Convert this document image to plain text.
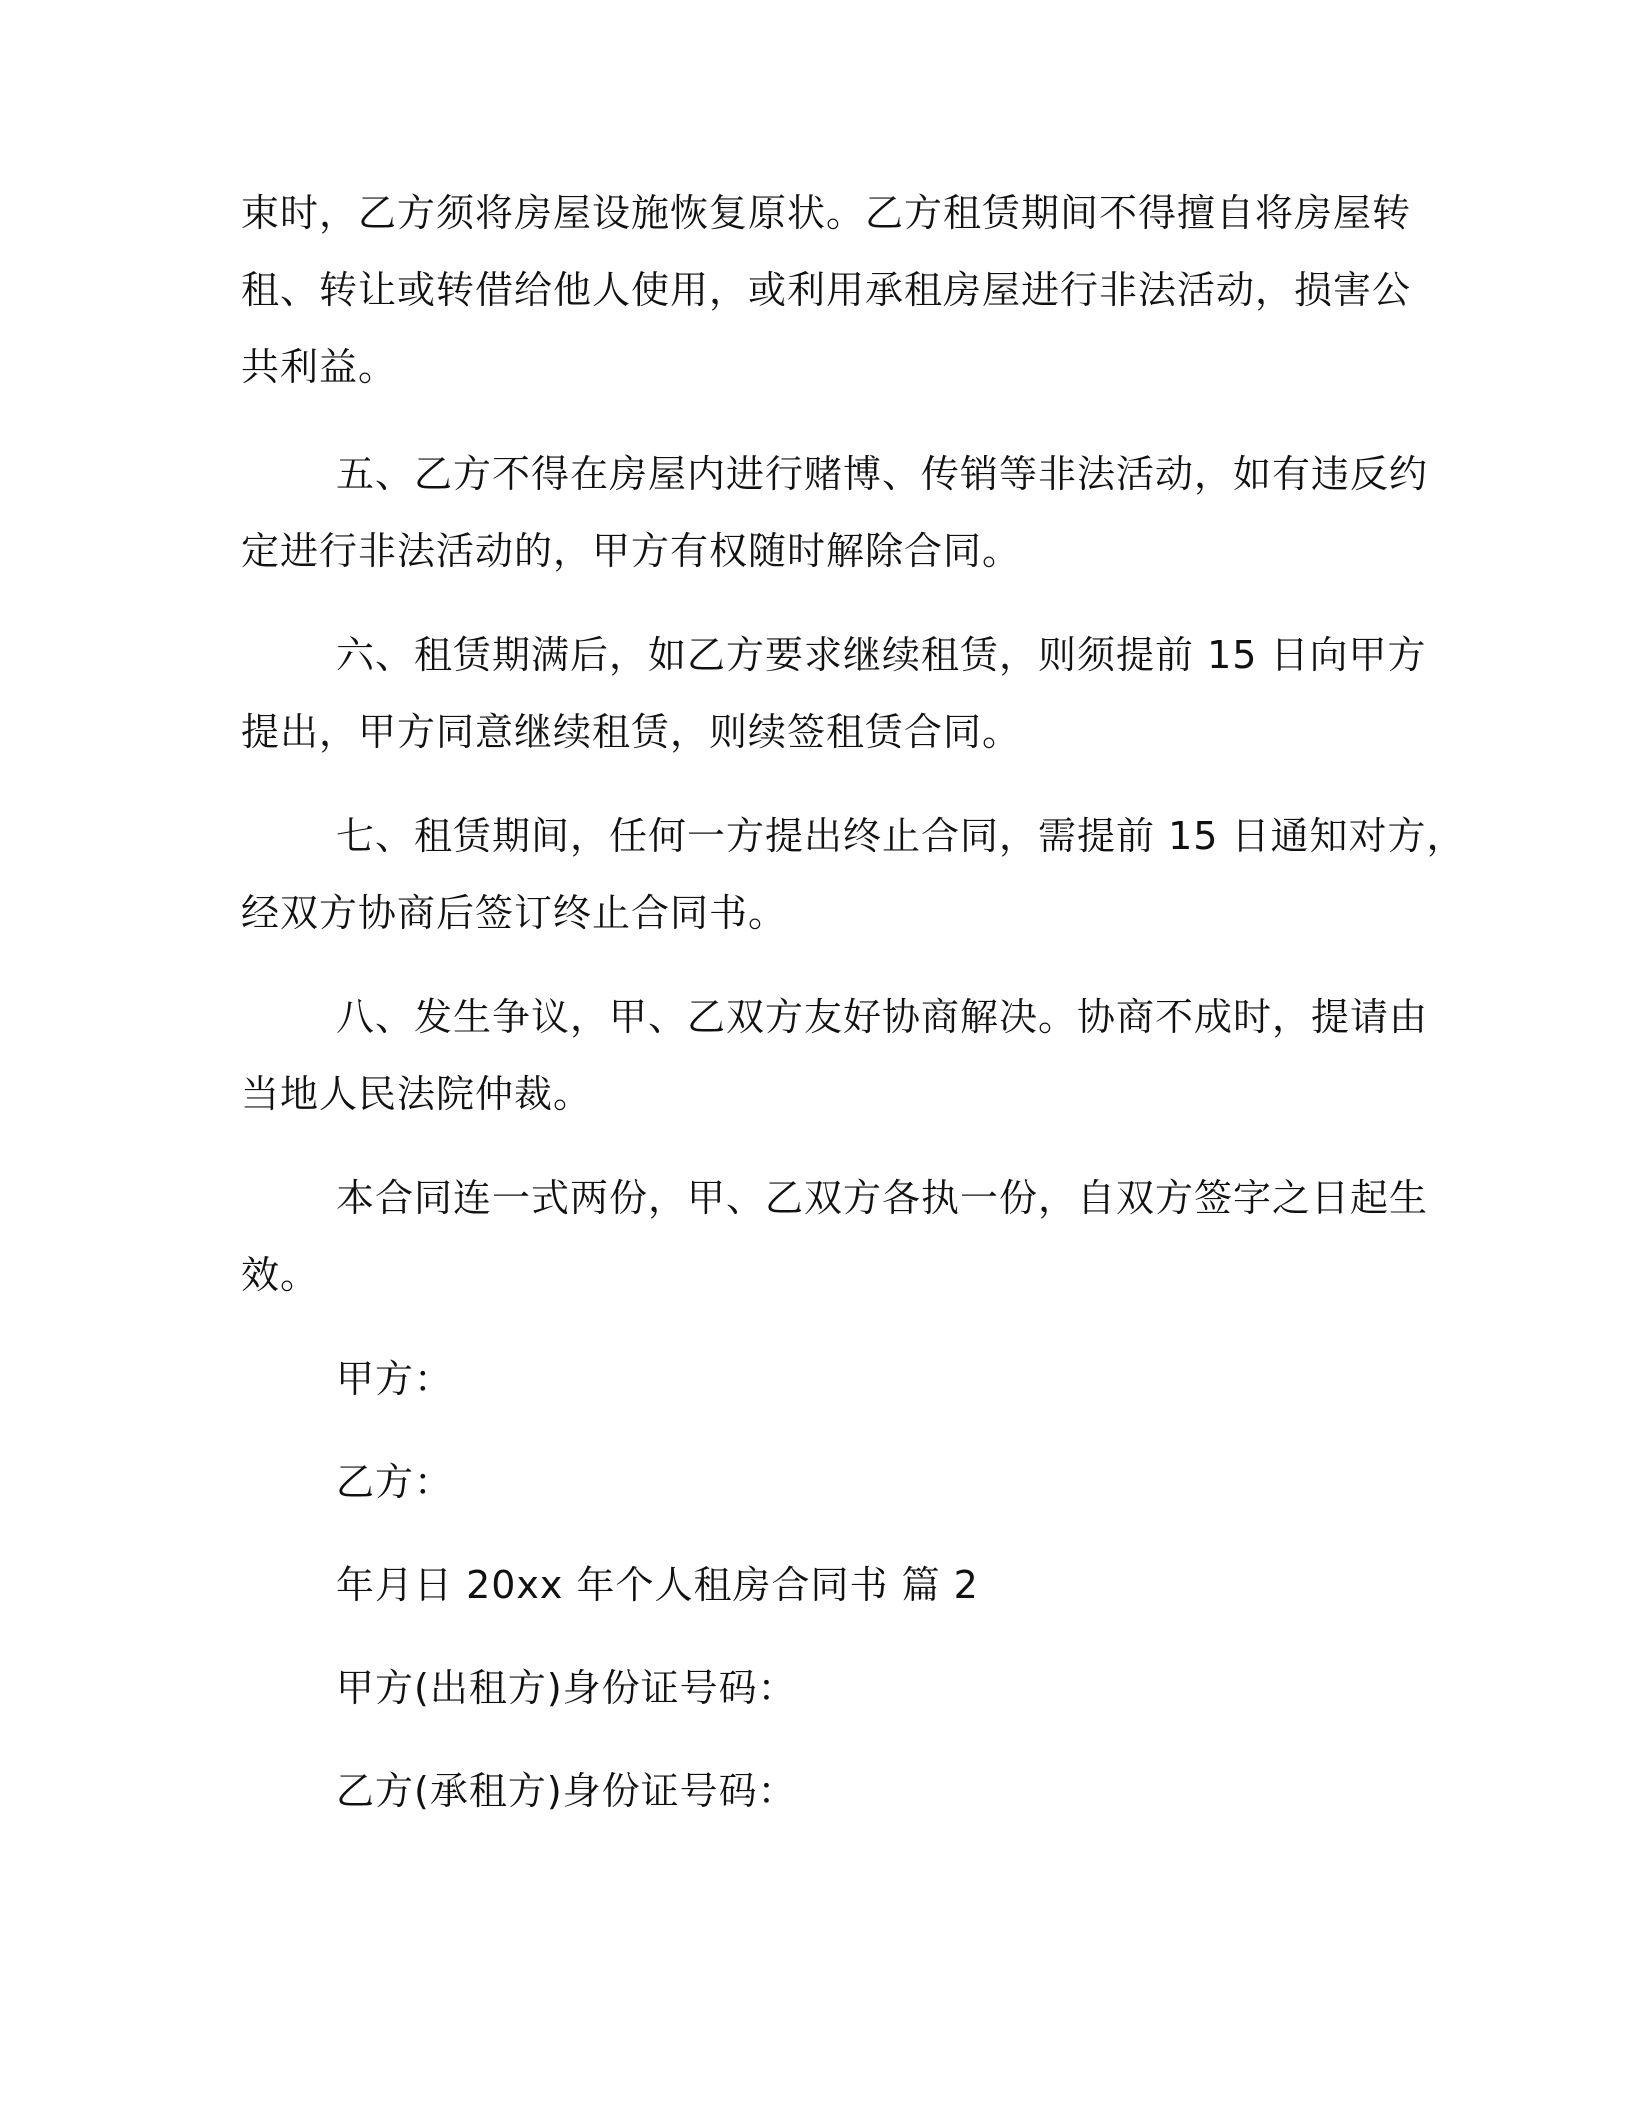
束时，乙方须将房屋设施恢复原状。乙方租赁期间不得擅自将房屋转
租、转让或转借给他人使用，或利用承租房屋进行非法活动，损害公
共利益。
五、乙方不得在房屋内进行赌博、传销等非法活动，如有违反约
定进行非法活动的，甲方有权随时解除合同。
六、租赁期满后，如乙方要求继续租赁，则须提前 15 日向甲方
提出，甲方同意继续租赁，则续签租赁合同。
七、租赁期间，任何一方提出终止合同，需提前 15 日通知对方，
经双方协商后签订终止合同书。
八、发生争议，甲、乙双方友好协商解决。协商不成时，提请由
当地人民法院仲裁。
本合同连一式两份，甲、乙双方各执一份，自双方签字之日起生
效。
甲方：
乙方：
年月日 20xx 年个人租房合同书 篇 2
甲方(出租方)身份证号码：
乙方(承租方)身份证号码：
